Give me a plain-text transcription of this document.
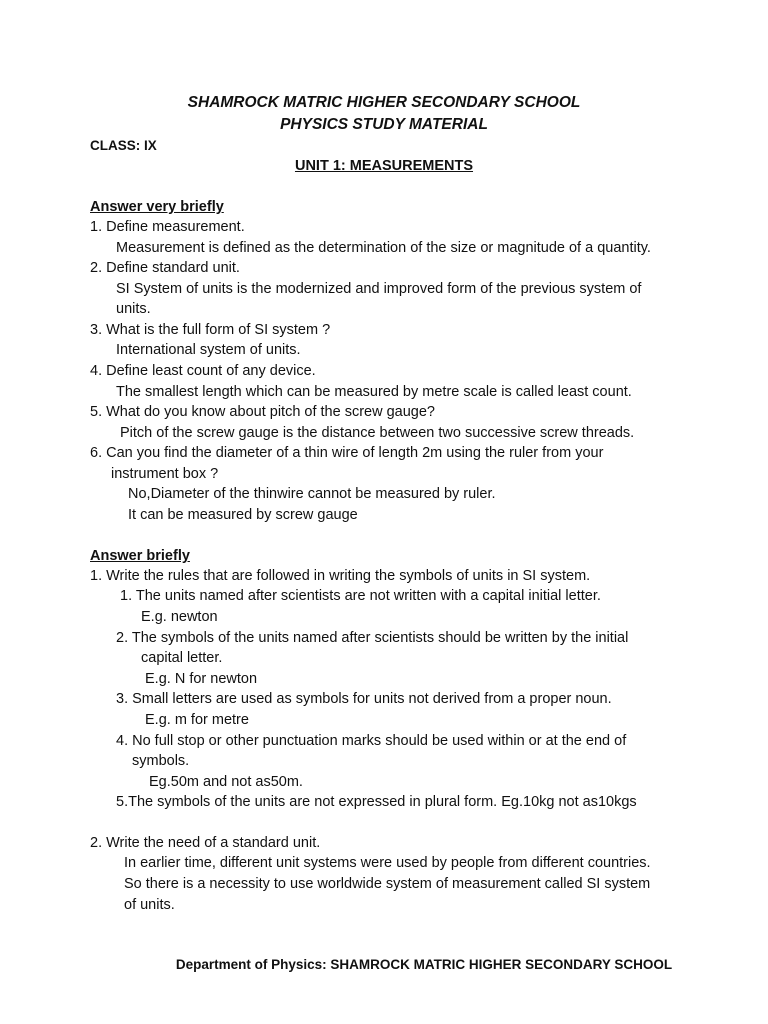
SHAMROCK MATRIC HIGHER SECONDARY SCHOOL
PHYSICS STUDY MATERIAL
CLASS: IX
UNIT 1: MEASUREMENTS
Answer very briefly
1. Define measurement.
Measurement is defined as the determination of the size or magnitude of a quantity.
2. Define standard unit.
SI System of units is the modernized and improved form of the previous system of
units.
3. What is the full form of SI system ?
International system of units.
4. Define least count of any device.
The smallest length which can be measured by metre scale is called least count.
5. What do you know about pitch of the screw gauge?
Pitch of the screw gauge is the distance between two successive screw threads.
6. Can you find the diameter of a thin wire of length 2m using the ruler from your
instrument box ?
No,Diameter of the thinwire cannot be measured by ruler.
It can be measured by screw gauge
Answer briefly
1. Write the rules that are followed in writing the symbols of units in SI system.
1. The units named after scientists are not written with a capital initial letter.
E.g. newton
2. The symbols of the units named after scientists should be written by the initial
capital letter.
E.g. N for newton
3. Small letters are used as symbols for units not derived from a proper noun.
E.g. m for metre
4. No full stop or other punctuation marks should be used within or at the end of
symbols.
Eg.50m and not as50m.
5.The symbols of the units are not expressed in plural form. Eg.10kg not as10kgs
2. Write the need of a standard unit.
In earlier time, different unit systems were used by people from different countries.
So there is a necessity to use worldwide system of measurement called SI system
of units.
Department of Physics: SHAMROCK MATRIC HIGHER SECONDARY SCHOOL
